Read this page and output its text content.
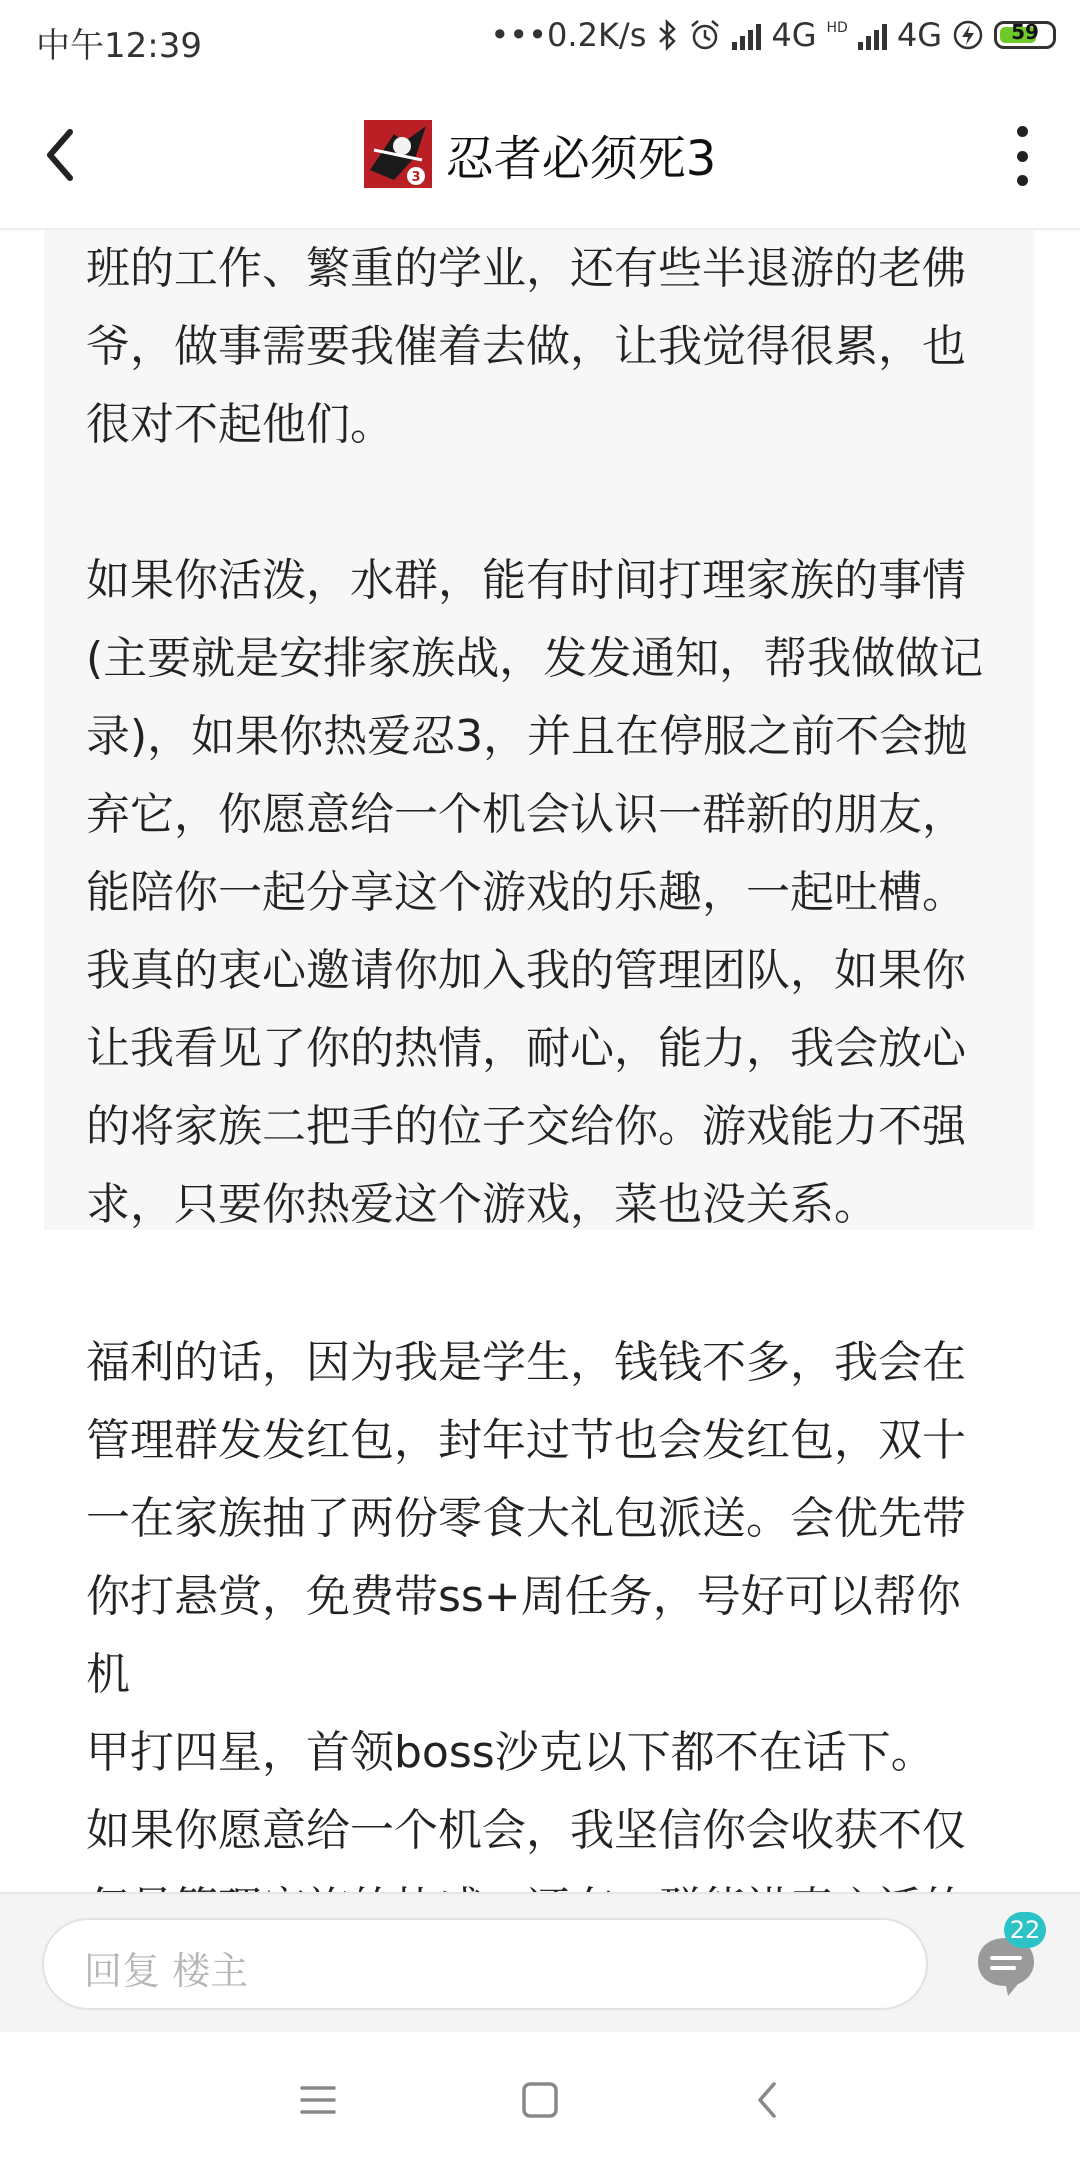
中午12:39	•••0.2K/s	4G HD 4G	59
3 忍者必须死3
班的工作、繁重的学业，还有些半退游的老佛
爷，做事需要我催着去做，让我觉得很累，也
很对不起他们。
如果你活泼，水群，能有时间打理家族的事情
(主要就是安排家族战，发发通知，帮我做做记
录)，如果你热爱忍3，并且在停服之前不会抛
弃它，你愿意给一个机会认识一群新的朋友，
能陪你一起分享这个游戏的乐趣，一起吐槽。
我真的衷心邀请你加入我的管理团队，如果你
让我看见了你的热情，耐心，能力，我会放心
的将家族二把手的位子交给你。游戏能力不强
求，只要你热爱这个游戏，菜也没关系。
福利的话，因为我是学生，钱钱不多，我会在
管理群发发红包，封年过节也会发红包，双十
一在家族抽了两份零食大礼包派送。会优先带
你打悬赏，免费带ss+周任务，号好可以帮你机
甲打四星，首领boss沙克以下都不在话下。
如果你愿意给一个机会，我坚信你会收获不仅

回复 楼主
22
